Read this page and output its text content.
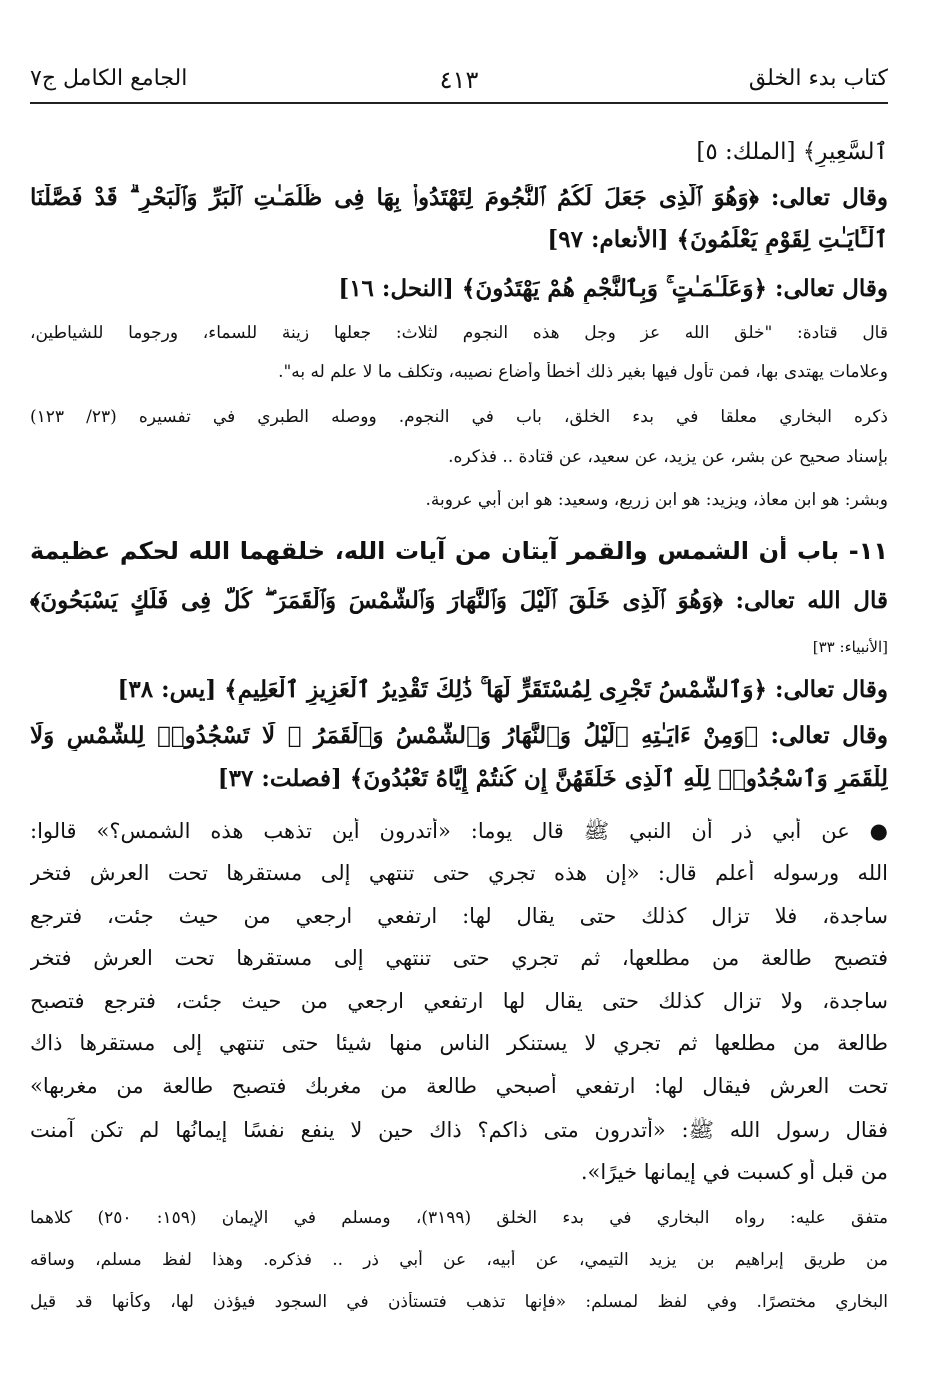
كتاب بدء الخلق
٤١٣
الجامع الكامل ج٧
ٱلسَّعِيرِ﴾ [الملك: ٥]
وقال تعالى: ﴿وَهُوَ ٱلَّذِى جَعَلَ لَكُمُ ٱلنُّجُومَ لِتَهْتَدُوا۟ بِهَا فِى ظُلُمَـٰتِ ٱلْبَرِّ وَٱلْبَحْرِ ۗ قَدْ فَصَّلْنَا
ٱلْـَٔايَـٰتِ لِقَوْمٍ يَعْلَمُونَ﴾ [الأنعام: ٩٧]
وقال تعالى: ﴿وَعَلَـٰمَـٰتٍ ۚ وَبِٱلنَّجْمِ هُمْ يَهْتَدُونَ﴾ [النحل: ١٦]
قال قتادة: "خلق الله عز وجل هذه النجوم لثلاث: جعلها زينة للسماء، ورجوما للشياطين،
وعلامات يهتدى بها، فمن تأول فيها بغير ذلك أخطأ وأضاع نصيبه، وتكلف ما لا علم له به".
ذكره البخاري معلقا في بدء الخلق، باب في النجوم. ووصله الطبري في تفسيره (٢٣/ ١٢٣)
بإسناد صحيح عن بشر، عن يزيد، عن سعيد، عن قتادة .. فذكره.
وبشر: هو ابن معاذ، ويزيد: هو ابن زريع، وسعيد: هو ابن أبي عروبة.
١١- باب أن الشمس والقمر آيتان من آيات الله، خلقهما الله لحكم عظيمة
قال الله تعالى: ﴿وَهُوَ ٱلَّذِى خَلَقَ ٱلَّيْلَ وَٱلنَّهَارَ وَٱلشَّمْسَ وَٱلْقَمَرَ ۖ كُلٌّ فِى فَلَكٍ يَسْبَحُونَ﴾
[الأنبياء: ٣٣]
وقال تعالى: ﴿وَٱلشَّمْسُ تَجْرِى لِمُسْتَقَرٍّ لَّهَا ۚ ذَٰلِكَ تَقْدِيرُ ٱلْعَزِيزِ ٱلْعَلِيمِ﴾ [يس: ٣٨]
وقال تعالى: ﴿وَمِنْ ءَايَـٰتِهِ ٱلَّيْلُ وَٱلنَّهَارُ وَٱلشَّمْسُ وَٱلْقَمَرُ ۚ لَا تَسْجُدُوا۟ لِلشَّمْسِ وَلَا
لِلْقَمَرِ وَٱسْجُدُوا۟ لِلَّهِ ٱلَّذِى خَلَقَهُنَّ إِن كُنتُمْ إِيَّاهُ تَعْبُدُونَ﴾ [فصلت: ٣٧]
● عن أبي ذر أن النبي ﷺ قال يوما: «أتدرون أين تذهب هذه الشمس؟» قالوا:
الله ورسوله أعلم قال: «إن هذه تجري حتى تنتهي إلى مستقرها تحت العرش فتخر
ساجدة، فلا تزال كذلك حتى يقال لها: ارتفعي ارجعي من حيث جئت، فترجع
فتصبح طالعة من مطلعها، ثم تجري حتى تنتهي إلى مستقرها تحت العرش فتخر
ساجدة، ولا تزال كذلك حتى يقال لها ارتفعي ارجعي من حيث جئت، فترجع فتصبح
طالعة من مطلعها ثم تجري لا يستنكر الناس منها شيئا حتى تنتهي إلى مستقرها ذاك
تحت العرش فيقال لها: ارتفعي أصبحي طالعة من مغربك فتصبح طالعة من مغربها»
فقال رسول الله ﷺ: «أتدرون متى ذاكم؟ ذاك حين لا ينفع نفسًا إيمانُها لم تكن آمنت
من قبل أو كسبت في إيمانها خيرًا».
متفق عليه: رواه البخاري في بدء الخلق (٣١٩٩)، ومسلم في الإيمان (١٥٩: ٢٥٠) كلاهما
من طريق إبراهيم بن يزيد التيمي، عن أبيه، عن أبي ذر .. فذكره. وهذا لفظ مسلم، وساقه
البخاري مختصرًا. وفي لفظ لمسلم: «فإنها تذهب فتستأذن في السجود فيؤذن لها، وكأنها قد قيل
